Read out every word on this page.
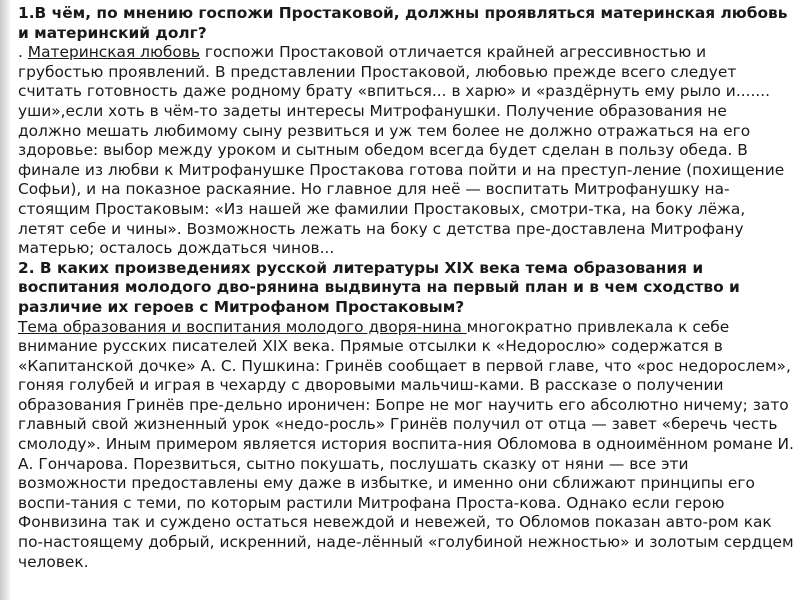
1.В чём, по мнению госпожи Простаковой, должны проявляться материнская любовь и материнский долг?

. Материнская любовь госпожи Простаковой отличается крайней агрессивностью и грубостью проявлений. В представлении Простаковой, любовью прежде всего следует считать готовность даже родному брату «впиться... в харю» и «раздёрнуть ему рыло и....... уши»,если хоть в чём-то задеты интересы Митрофанушки. Получение образования не должно мешать любимому сыну резвиться и уж тем более не должно отражаться на его здоровье: выбор между уроком и сытным обедом всегда будет сделан в пользу обеда. В финале из любви к Митрофанушке Простакова готова пойти и на преступ-ление (похищение Софьи), и на показное раскаяние. Но главное для неё — воспитать Митрофанушку на-стоящим Простаковым: «Из нашей же фамилии Простаковых, смотри-тка, на боку лёжа, летят себе и чины». Возможность лежать на боку с детства пре-доставлена Митрофану матерью; осталось дождаться чинов...

2. В каких произведениях русской литературы XIX века тема образования и воспитания молодого дво-рянина выдвинута на первый план и в чем сходство и различие их героев с Митрофаном Простаковым?

Тема образования и воспитания молодого дворя-нина многократно привлекала к себе внимание русских писателей XIX века. Прямые отсылки к «Недорослю» содержатся в «Капитанской дочке» А. С. Пушкина: Гринёв сообщает в первой главе, что «рос недорослем», гоняя голубей и играя в чехарду с дворовыми мальчиш-ками. В рассказе о получении образования Гринёв пре-дельно ироничен: Бопре не мог научить его абсолютно ничему; зато главный свой жизненный урок «недо-росль» Гринёв получил от отца — завет «беречь честь смолоду». Иным примером является история воспита-ния Обломова в одноимённом романе И. А. Гончарова. Порезвиться, сытно покушать, послушать сказку от няни — все эти возможности предоставлены ему даже в избытке, и именно они сближают принципы его воспи-тания с теми, по которым растили Митрофана Проста-кова. Однако если герою Фонвизина так и суждено остаться невеждой и невежей, то Обломов показан авто-ром как по-настоящему добрый, искренний, наде-лённый «голубиной нежностью» и золотым сердцем человек.
